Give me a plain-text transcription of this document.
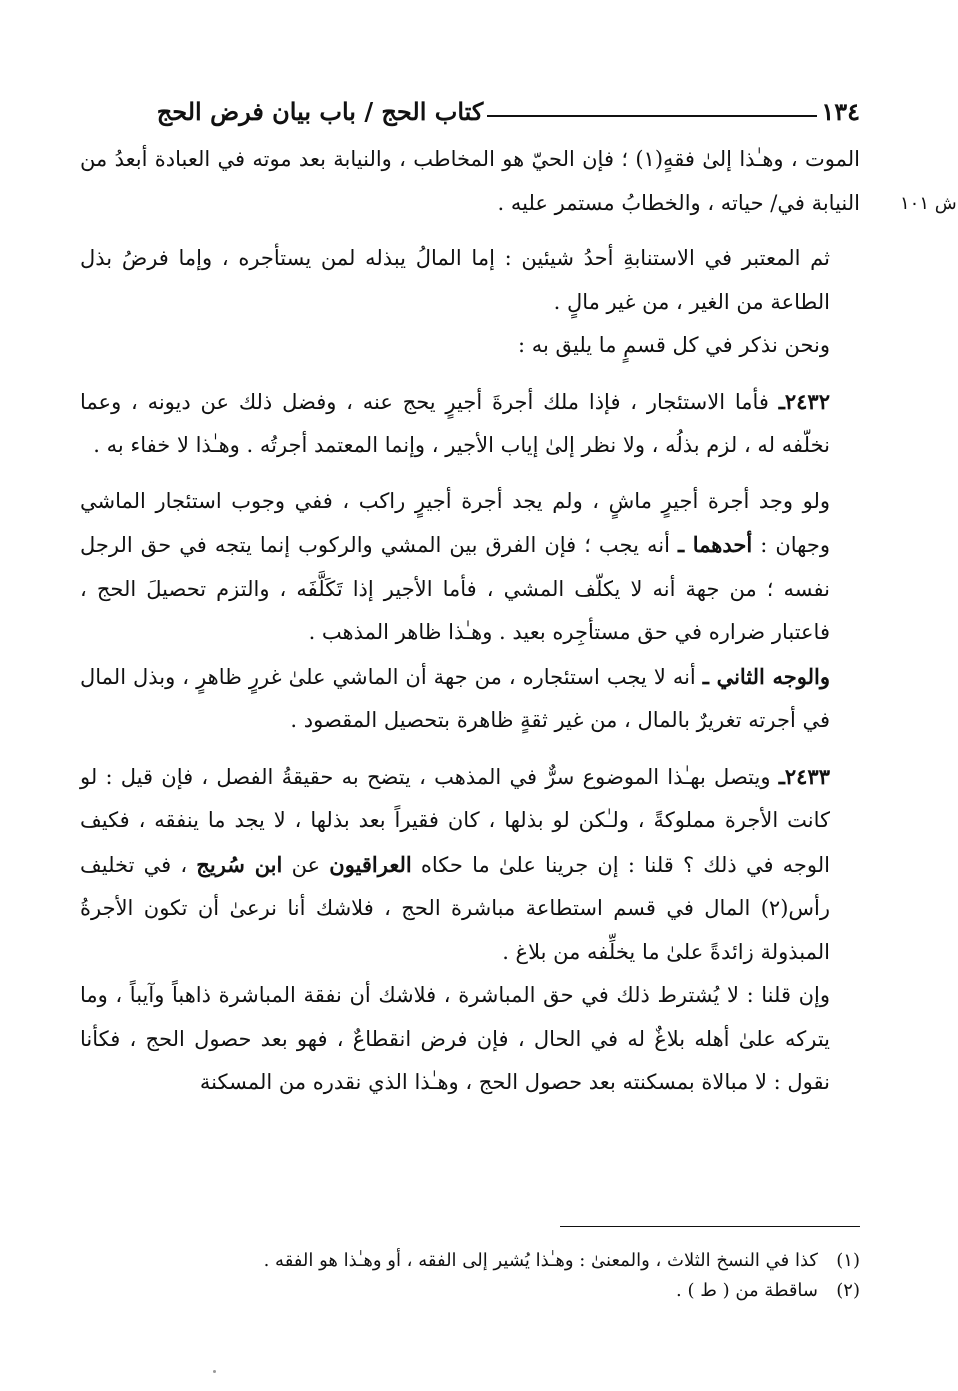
١٣٤
كتاب الحج / باب بيان فرض الحج
ش ١٠١

الموت ، وهـٰذا إلىٰ فقهٍ(١) ؛ فإن الحيّ هو المخاطب ، والنيابة بعد موته في العبادة أبعدُ من النيابة في/ حياته ، والخطابُ مستمر عليه .

ثم المعتبر في الاستنابةِ أحدُ شيئين : إما المالُ يبذله لمن يستأجره ، وإما فرضُ بذل الطاعة من الغير ، من غير مالٍ .

ونحن نذكر في كل قسمٍ ما يليق به :

٢٤٣٢ـ فأما الاستئجار ، فإذا ملك أجرةَ أجيرٍ يحج عنه ، وفضل ذلك عن ديونه ، وعما نخلّفه له ، لزم بذلُه ، ولا نظر إلىٰ إياب الأجير ، وإنما المعتمد أجرتُه . وهـٰذا لا خفاء به .

ولو وجد أجرة أجيرٍ ماشٍ ، ولم يجد أجرة أجيرٍ راكب ، ففي وجوب استئجار الماشي وجهان : أحدهما ـ أنه يجب ؛ فإن الفرق بين المشي والركوب إنما يتجه في حق الرجل نفسه ؛ من جهة أنه لا يكلّف المشي ، فأما الأجير إذا تَكَلَّفَه ، والتزم تحصيلَ الحج ، فاعتبار ضراره في حق مستأجِره بعيد . وهـٰذا ظاهر المذهب .

والوجه الثاني ـ أنه لا يجب استئجاره ، من جهة أن الماشي علىٰ غررٍ ظاهرٍ ، وبذل المال في أجرته تغريرٌ بالمال ، من غير ثقةٍ ظاهرة بتحصيل المقصود .

٢٤٣٣ـ ويتصل بهـٰذا الموضوع سرٌّ في المذهب ، يتضح به حقيقةُ الفصل ، فإن قيل : لو كانت الأجرة مملوكةً ، ولـٰكن لو بذلها ، كان فقيراً بعد بذلها ، لا يجد ما ينفقه ، فكيف الوجه في ذلك ؟ قلنا : إن جرينا علىٰ ما حكاه العراقيون عن ابن سُريج ، في تخليف رأس(٢) المال في قسم استطاعة مباشرة الحج ، فلاشك أنا نرعىٰ أن تكون الأجرةُ المبذولة زائدةً علىٰ ما يخلِّفه من بلاغ .

وإن قلنا : لا يُشترط ذلك في حق المباشرة ، فلاشك أن نفقة المباشرة ذاهباً وآيباً ، وما يتركه علىٰ أهله بلاغٌ له في الحال ، فإن فرض انقطاعٌ ، فهو بعد حصول الحج ، فكأنا نقول : لا مبالاة بمسكنته بعد حصول الحج ، وهـٰذا الذي نقدره من المسكنة

(١)
كذا في النسخ الثلاث ، والمعنىٰ : وهـٰذا يُشير إلى الفقه ، أو وهـٰذا هو الفقه .

(٢)
ساقطة من ( ط ) .
